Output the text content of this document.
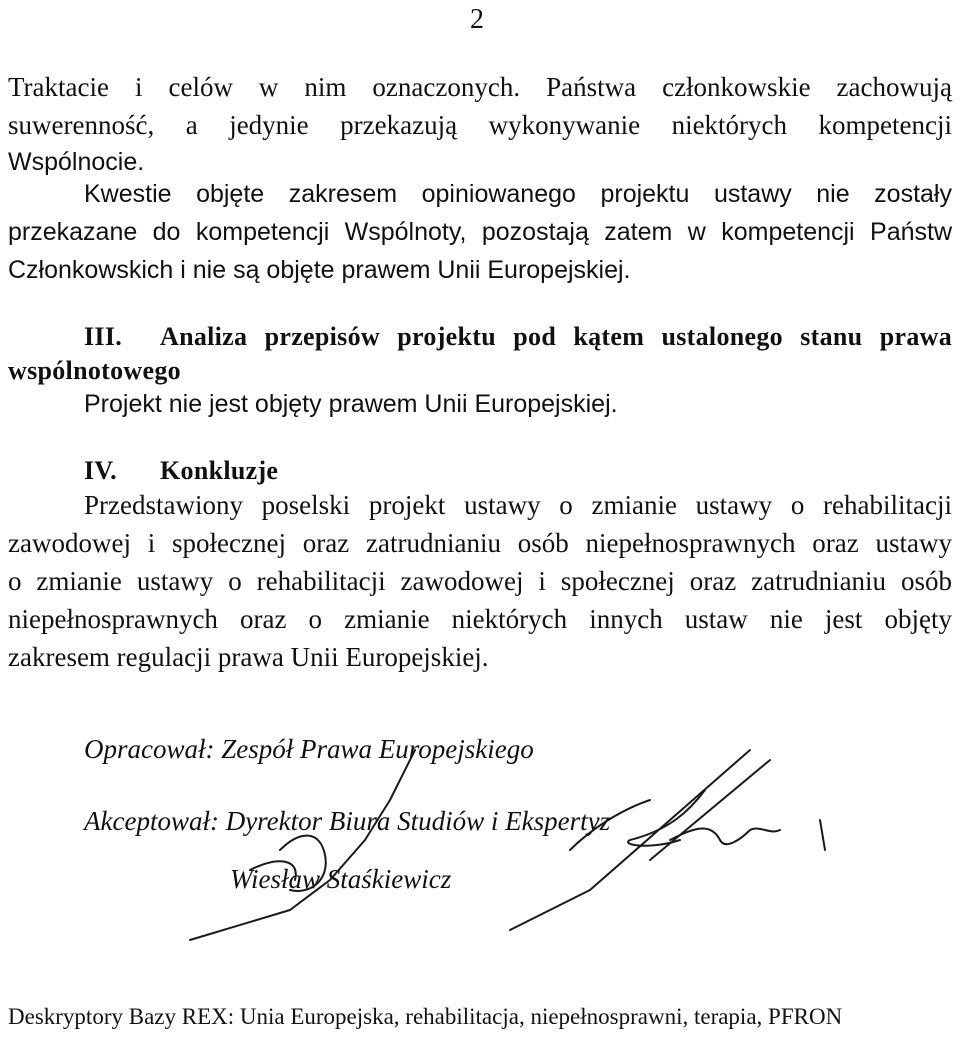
2
Traktacie i celów w nim oznaczonych. Państwa członkowskie zachowują
suwerenność, a jedynie przekazują wykonywanie niektórych kompetencji
Wspólnocie.
Kwestie objęte zakresem opiniowanego projektu ustawy nie zostały
przekazane do kompetencji Wspólnoty, pozostają zatem w kompetencji Państw
Członkowskich i nie są objęte prawem Unii Europejskiej.
III. Analiza przepisów projektu pod kątem ustalonego stanu prawa
wspólnotowego
Projekt nie jest objęty prawem Unii Europejskiej.
IV. Konkluzje
Przedstawiony poselski projekt ustawy o zmianie ustawy o rehabilitacji
zawodowej i społecznej oraz zatrudnianiu osób niepełnosprawnych oraz ustawy
o zmianie ustawy o rehabilitacji zawodowej i społecznej oraz zatrudnianiu osób
niepełnosprawnych oraz o zmianie niektórych innych ustaw nie jest objęty
zakresem regulacji prawa Unii Europejskiej.
Opracował: Zespół Prawa Europejskiego
Akceptował: Dyrektor Biura Studiów i Ekspertyz
Wiesław Staśkiewicz
Deskryptory Bazy REX: Unia Europejska, rehabilitacja, niepełnosprawni, terapia, PFRON
